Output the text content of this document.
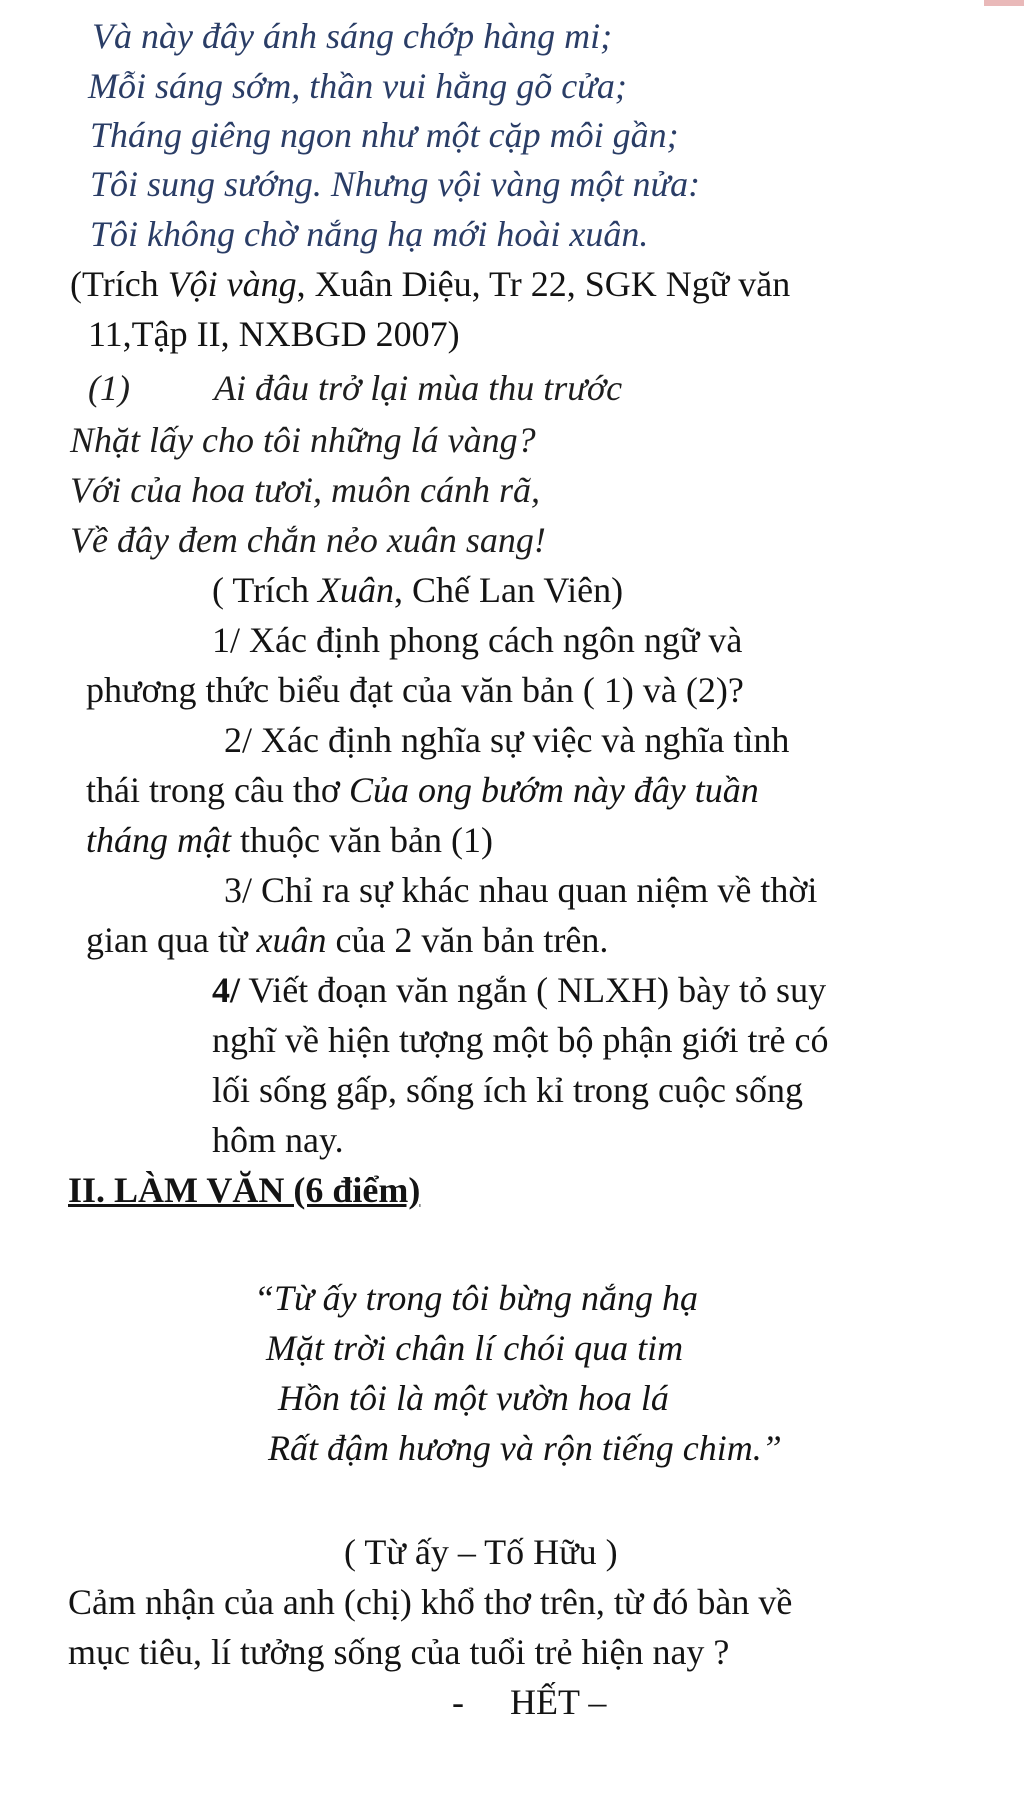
Và này đây ánh sáng chớp hàng mi;
Mỗi sáng sớm, thần vui hằng gõ cửa;
Tháng giêng ngon như một cặp môi gần;
Tôi sung sướng. Nhưng vội vàng một nửa:
Tôi không chờ nắng hạ mới hoài xuân.
(Trích Vội vàng, Xuân Diệu, Tr 22, SGK Ngữ văn
11,Tập II, NXBGD 2007)
(1) Ai đâu trở lại mùa thu trước
Nhặt lấy cho tôi những lá vàng?
Với của hoa tươi, muôn cánh rã,
Về đây đem chắn nẻo xuân sang!
( Trích Xuân, Chế Lan Viên)
1/ Xác định phong cách ngôn ngữ và
phương thức biểu đạt của văn bản ( 1) và (2)?
2/ Xác định nghĩa sự việc và nghĩa tình
thái trong câu thơ Của ong bướm này đây tuần
tháng mật thuộc văn bản (1)
3/ Chỉ ra sự khác nhau quan niệm về thời
gian qua từ xuân của 2 văn bản trên.
4/ Viết đoạn văn ngắn ( NLXH) bày tỏ suy
nghĩ về hiện tượng một bộ phận giới trẻ có
lối sống gấp, sống ích kỉ trong cuộc sống
hôm nay.
II. LÀM VĂN (6 điểm)
“Từ ấy trong tôi bừng nắng hạ
Mặt trời chân lí chói qua tim
Hồn tôi là một vườn hoa lá
Rất đậm hương và rộn tiếng chim.”
( Từ ấy – Tố Hữu )
Cảm nhận của anh (chị) khổ thơ trên, từ đó bàn về
mục tiêu, lí tưởng sống của tuổi trẻ hiện nay ?
- HẾT –
